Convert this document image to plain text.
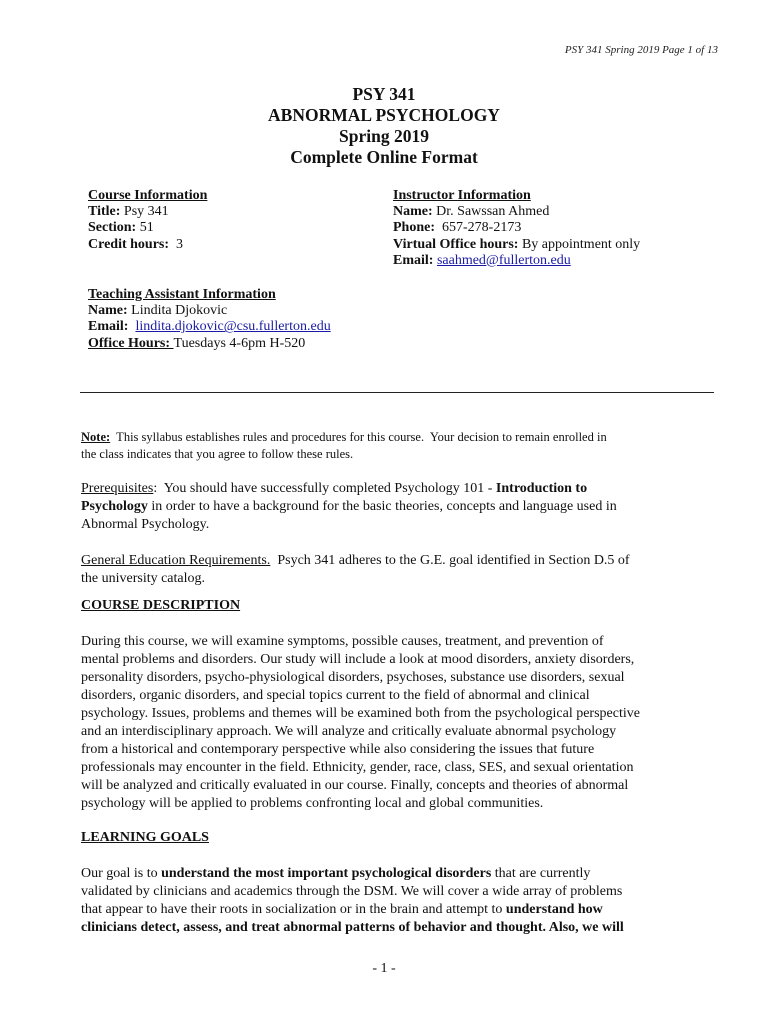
PSY 341 Spring 2019 Page 1 of 13
PSY 341
ABNORMAL PSYCHOLOGY
Spring 2019
Complete Online Format
Course Information
Title: Psy 341
Section: 51
Credit hours:  3
Instructor Information
Name: Dr. Sawssan Ahmed
Phone:  657-278-2173
Virtual Office hours: By appointment only
Email: saahmed@fullerton.edu
Teaching Assistant Information
Name: Lindita Djokovic
Email: lindita.djokovic@csu.fullerton.edu
Office Hours: Tuesdays 4-6pm H-520
Note:  This syllabus establishes rules and procedures for this course.  Your decision to remain enrolled in
the class indicates that you agree to follow these rules.
Prerequisites:  You should have successfully completed Psychology 101 - Introduction to
Psychology in order to have a background for the basic theories, concepts and language used in
Abnormal Psychology.
General Education Requirements.  Psych 341 adheres to the G.E. goal identified in Section D.5 of
the university catalog.
COURSE DESCRIPTION
During this course, we will examine symptoms, possible causes, treatment, and prevention of
mental problems and disorders. Our study will include a look at mood disorders, anxiety disorders,
personality disorders, psycho-physiological disorders, psychoses, substance use disorders, sexual
disorders, organic disorders, and special topics current to the field of abnormal and clinical
psychology. Issues, problems and themes will be examined both from the psychological perspective
and an interdisciplinary approach. We will analyze and critically evaluate abnormal psychology
from a historical and contemporary perspective while also considering the issues that future
professionals may encounter in the field. Ethnicity, gender, race, class, SES, and sexual orientation
will be analyzed and critically evaluated in our course. Finally, concepts and theories of abnormal
psychology will be applied to problems confronting local and global communities.
LEARNING GOALS
Our goal is to understand the most important psychological disorders that are currently
validated by clinicians and academics through the DSM. We will cover a wide array of problems
that appear to have their roots in socialization or in the brain and attempt to understand how
clinicians detect, assess, and treat abnormal patterns of behavior and thought. Also, we will
- 1 -
